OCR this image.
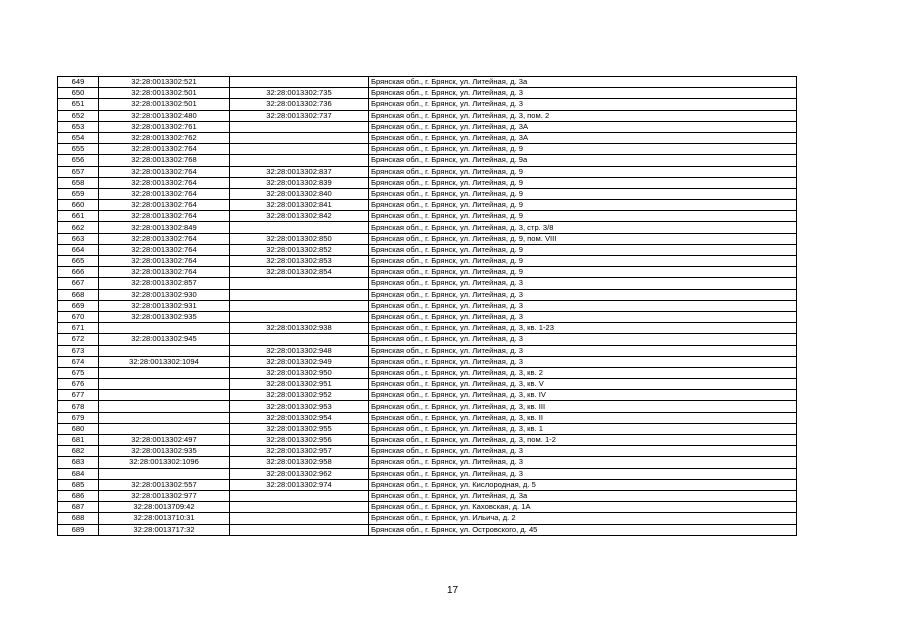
649	32:28:0013302:521		Брянская обл., г. Брянск, ул. Литейная, д. 3а
650	32:28:0013302:501	32:28:0013302:735	Брянская обл., г. Брянск, ул. Литейная, д. 3
651	32:28:0013302:501	32:28:0013302:736	Брянская обл., г. Брянск, ул. Литейная, д. 3
652	32:28:0013302:480	32:28:0013302:737	Брянская обл., г. Брянск, ул. Литейная, д. 3, пом. 2
653	32:28:0013302:761		Брянская обл., г. Брянск, ул. Литейная, д. 3А
654	32:28:0013302:762		Брянская обл., г. Брянск, ул. Литейная, д. 3А
655	32:28:0013302:764		Брянская обл., г. Брянск, ул. Литейная, д. 9
656	32:28:0013302:768		Брянская обл., г. Брянск, ул. Литейная, д. 9а
657	32:28:0013302:764	32:28:0013302:837	Брянская обл., г. Брянск, ул. Литейная, д. 9
658	32:28:0013302:764	32:28:0013302:839	Брянская обл., г. Брянск, ул. Литейная, д. 9
659	32:28:0013302:764	32:28:0013302:840	Брянская обл., г. Брянск, ул. Литейная, д. 9
660	32:28:0013302:764	32:28:0013302:841	Брянская обл., г. Брянск, ул. Литейная, д. 9
661	32:28:0013302:764	32:28:0013302:842	Брянская обл., г. Брянск, ул. Литейная, д. 9
662	32:28:0013302:849		Брянская обл., г. Брянск, ул. Литейная, д. 3, стр. 3/8
663	32:28:0013302:764	32:28:0013302:850	Брянская обл., г. Брянск, ул. Литейная, д. 9, пом. VIII
664	32:28:0013302:764	32:28:0013302:852	Брянская обл., г. Брянск, ул. Литейная, д. 9
665	32:28:0013302:764	32:28:0013302:853	Брянская обл., г. Брянск, ул. Литейная, д. 9
666	32:28:0013302:764	32:28:0013302:854	Брянская обл., г. Брянск, ул. Литейная, д. 9
667	32:28:0013302:857		Брянская обл., г. Брянск, ул. Литейная, д. 3
668	32:28:0013302:930		Брянская обл., г. Брянск, ул. Литейная, д. 3
669	32:28:0013302:931		Брянская обл., г. Брянск, ул. Литейная, д. 3
670	32:28:0013302:935		Брянская обл., г. Брянск, ул. Литейная, д. 3
671		32:28:0013302:938	Брянская обл., г. Брянск, ул. Литейная, д. 3, кв. 1-23
672	32:28:0013302:945		Брянская обл., г. Брянск, ул. Литейная, д. 3
673		32:28:0013302:948	Брянская обл., г. Брянск, ул. Литейная, д. 3
674	32:28:0013302:1094	32:28:0013302:949	Брянская обл., г. Брянск, ул. Литейная, д. 3
675		32:28:0013302:950	Брянская обл., г. Брянск, ул. Литейная, д. 3, кв. 2
676		32:28:0013302:951	Брянская обл., г. Брянск, ул. Литейная, д. 3, кв. V
677		32:28:0013302:952	Брянская обл., г. Брянск, ул. Литейная, д. 3, кв. IV
678		32:28:0013302:953	Брянская обл., г. Брянск, ул. Литейная, д. 3, кв. III
679		32:28:0013302:954	Брянская обл., г. Брянск, ул. Литейная, д. 3, кв. II
680		32:28:0013302:955	Брянская обл., г. Брянск, ул. Литейная, д. 3, кв. 1
681	32:28:0013302:497	32:28:0013302:956	Брянская обл., г. Брянск, ул. Литейная, д. 3, пом. 1-2
682	32:28:0013302:935	32:28:0013302:957	Брянская обл., г. Брянск, ул. Литейная, д. 3
683	32:28:0013302:1096	32:28:0013302:958	Брянская обл., г. Брянск, ул. Литейная, д. 3
684		32:28:0013302:962	Брянская обл., г. Брянск, ул. Литейная, д. 3
685	32:28:0013302:557	32:28:0013302:974	Брянская обл., г. Брянск, ул. Кислородная, д. 5
686	32:28:0013302:977		Брянская обл., г. Брянск, ул. Литейная, д. 3а
687	32:28:0013709:42		Брянская обл., г. Брянск, ул. Каховская, д. 1А
688	32:28:0013710:31		Брянская обл., г. Брянск, ул. Ильича, д. 2
689	32:28:0013717:32		Брянская обл., г. Брянск, ул. Островского, д. 45
17
